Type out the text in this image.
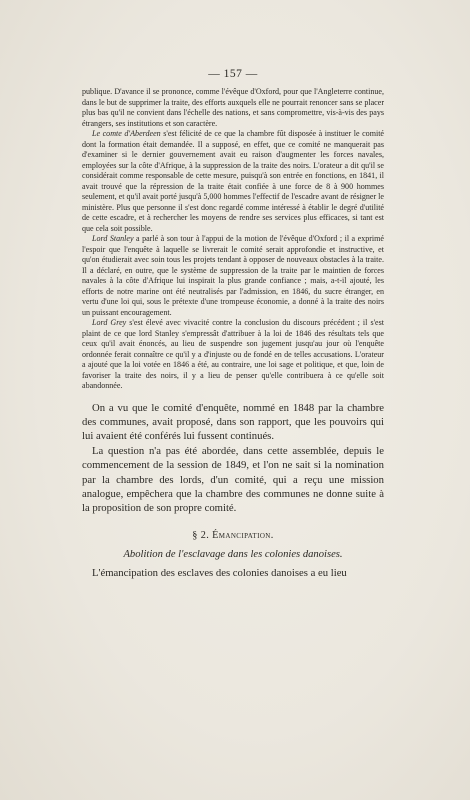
— 157 —

publique. D'avance il se prononce, comme l'évêque d'Oxford, pour que l'Angleterre continue, dans le but de supprimer la traite, des efforts auxquels elle ne pourrait renoncer sans se placer plus bas qu'il ne convient dans l'échelle des nations, et sans compromettre, vis-à-vis des pays étrangers, ses institutions et son caractère.

Le comte d'Aberdeen s'est félicité de ce que la chambre fût disposée à instituer le comité dont la formation était demandée. Il a supposé, en effet, que ce comité ne manquerait pas d'examiner si le dernier gouvernement avait eu raison d'augmenter les forces navales, employées sur la côte d'Afrique, à la suppression de la traite des noirs. L'orateur a dit qu'il se considérait comme responsable de cette mesure, puisqu'à son entrée en fonctions, en 1841, il avait trouvé que la répression de la traite était confiée à une force de 8 à 900 hommes seulement, et qu'il avait porté jusqu'à 5,000 hommes l'effectif de l'escadre avant de résigner le ministère. Plus que personne il s'est donc regardé comme intéressé à établir le degré d'utilité de cette escadre, et à rechercher les moyens de rendre ses services plus efficaces, si tant est que cela soit possible.

Lord Stanley a parlé à son tour à l'appui de la motion de l'évêque d'Oxford ; il a exprimé l'espoir que l'enquête à laquelle se livrerait le comité serait approfondie et instructive, et qu'on étudierait avec soin tous les projets tendant à opposer de nouveaux obstacles à la traite. Il a déclaré, en outre, que le système de suppression de la traite par le maintien de forces navales à la côte d'Afrique lui inspirait la plus grande confiance ; mais, a-t-il ajouté, les efforts de notre marine ont été neutralisés par l'admission, en 1846, du sucre étranger, en vertu d'une loi qui, sous le prétexte d'une trompeuse économie, a donné à la traite des noirs un puissant encouragement.

Lord Grey s'est élevé avec vivacité contre la conclusion du discours précédent ; il s'est plaint de ce que lord Stanley s'empressât d'attribuer à la loi de 1846 des résultats tels que ceux qu'il avait énoncés, au lieu de suspendre son jugement jusqu'au jour où l'enquête ordonnée ferait connaître ce qu'il y a d'injuste ou de fondé en de telles accusations. L'orateur a ajouté que la loi votée en 1846 a été, au contraire, une loi sage et politique, et que, loin de favoriser la traite des noirs, il y a lieu de penser qu'elle contribuera à ce qu'elle soit abandonnée.

On a vu que le comité d'enquête, nommé en 1848 par la chambre des communes, avait proposé, dans son rapport, que les pouvoirs qui lui avaient été conférés lui fussent continués.

La question n'a pas été abordée, dans cette assemblée, depuis le commencement de la session de 1849, et l'on ne sait si la nomination par la chambre des lords, d'un comité, qui a reçu une mission analogue, empêchera que la chambre des communes ne donne suite à la proposition de son propre comité.

§ 2. Émancipation.
Abolition de l'esclavage dans les colonies danoises.

L'émancipation des esclaves des colonies danoises a eu lieu
